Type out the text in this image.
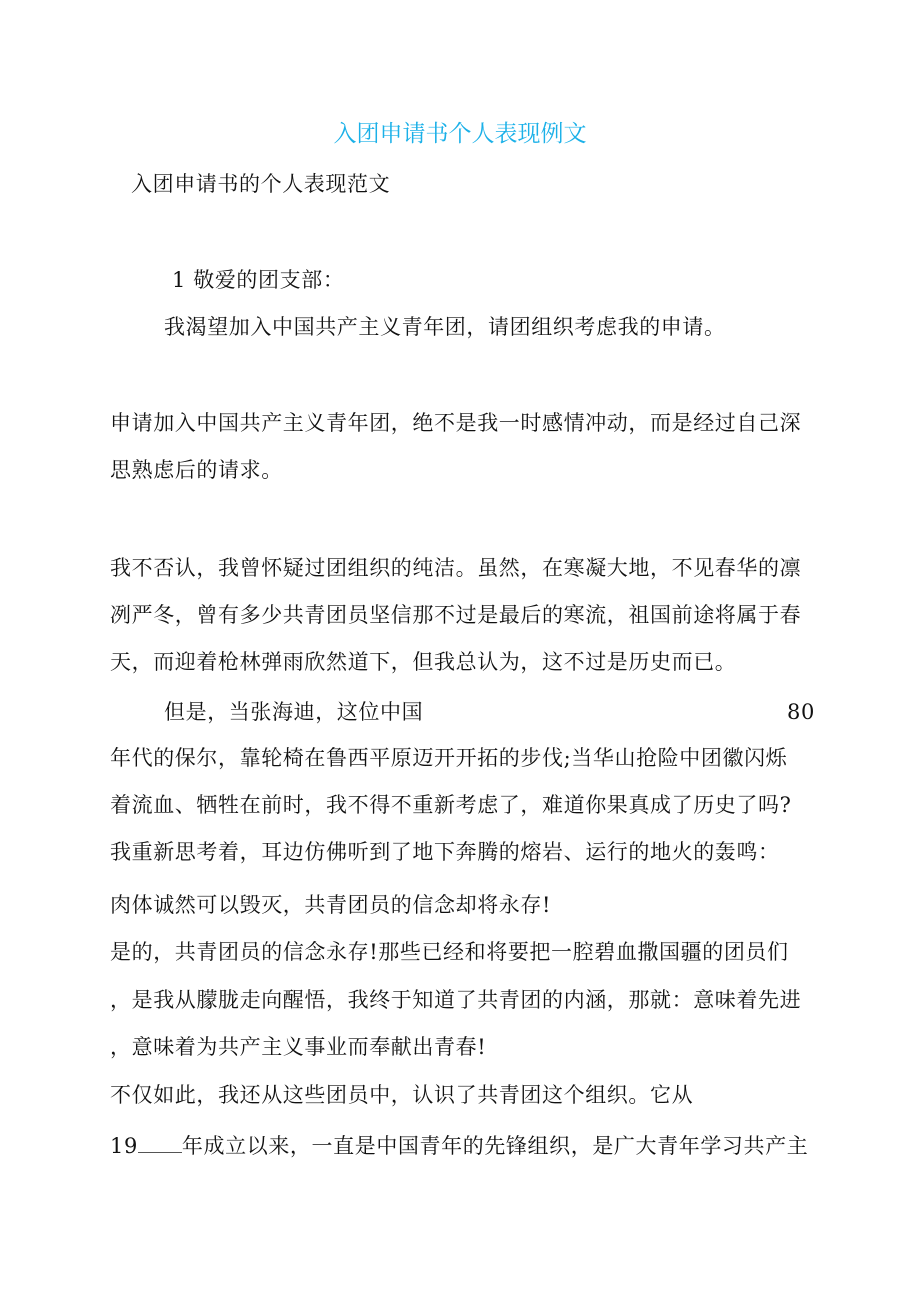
入团申请书个人表现例文
入团申请书的个人表现范文
1 敬爱的团支部：
我渴望加入中国共产主义青年团，请团组织考虑我的申请。
申请加入中国共产主义青年团，绝不是我一时感情冲动，而是经过自己深
思熟虑后的请求。
我不否认，我曾怀疑过团组织的纯洁。虽然，在寒凝大地，不见春华的凛
冽严冬，曾有多少共青团员坚信那不过是最后的寒流，祖国前途将属于春
天，而迎着枪林弹雨欣然道下，但我总认为，这不过是历史而已。
但是，当张海迪，这位中国	80
年代的保尔，靠轮椅在鲁西平原迈开开拓的步伐;当华山抢险中团徽闪烁
着流血、牺牲在前时，我不得不重新考虑了，难道你果真成了历史了吗?
我重新思考着，耳边仿佛听到了地下奔腾的熔岩、运行的地火的轰鸣：
肉体诚然可以毁灭，共青团员的信念却将永存!
是的，共青团员的信念永存!那些已经和将要把一腔碧血撒国疆的团员们
，是我从朦胧走向醒悟，我终于知道了共青团的内涵，那就：意味着先进
，意味着为共产主义事业而奉献出青春!
不仅如此，我还从这些团员中，认识了共青团这个组织。它从
19 年成立以来，一直是中国青年的先锋组织，是广大青年学习共产主
